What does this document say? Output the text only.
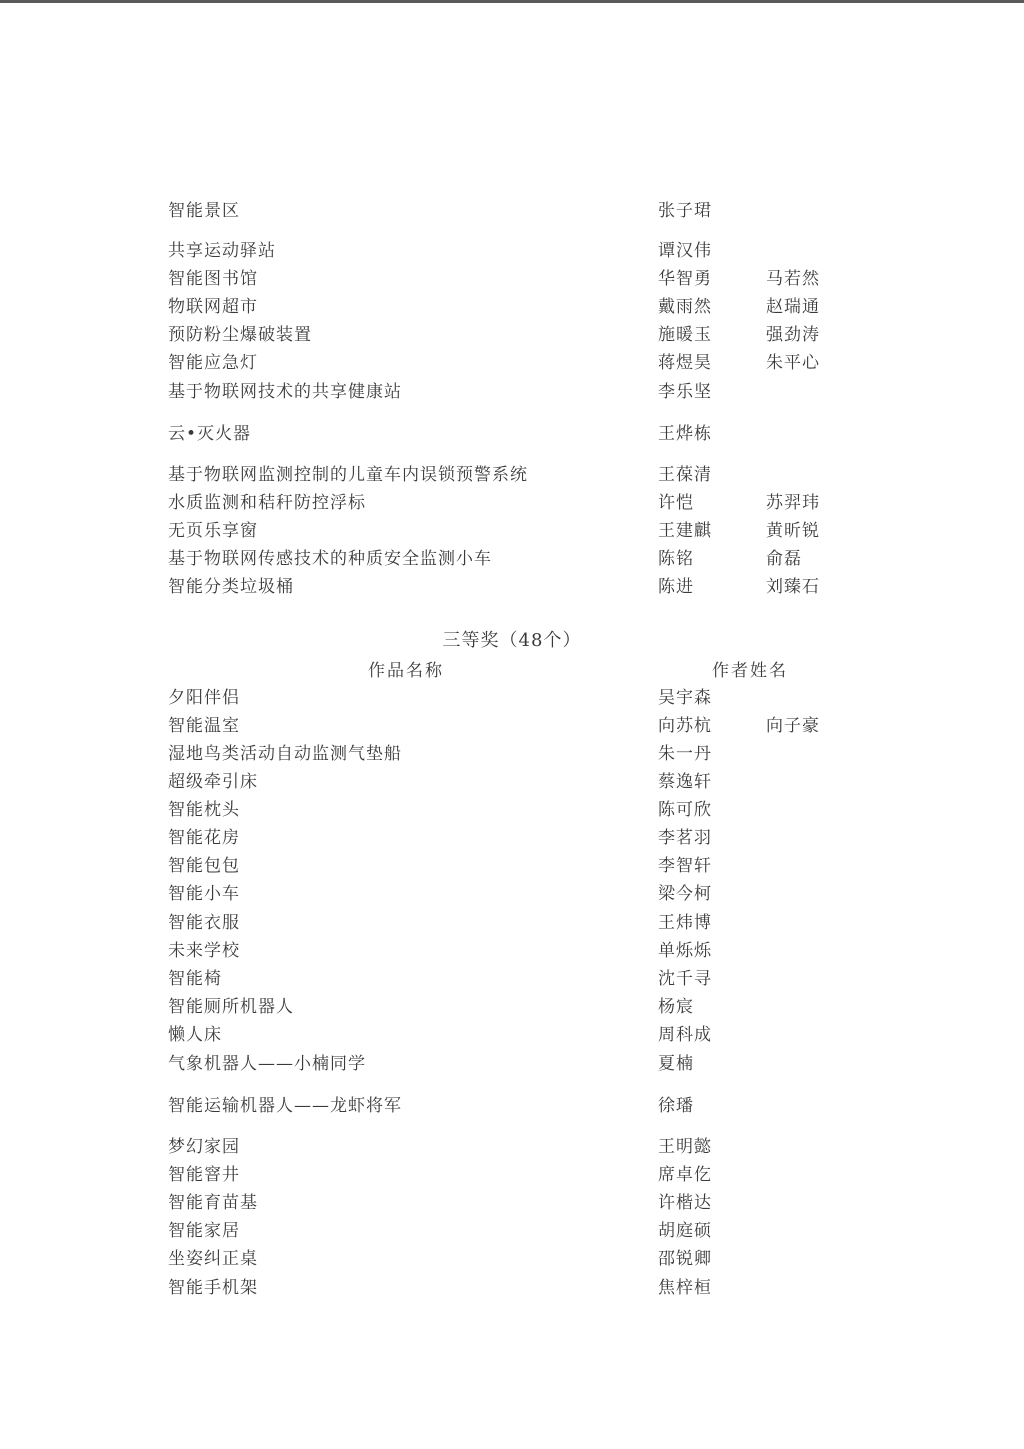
智能景区	张子珺
共享运动驿站	谭汉伟
智能图书馆	华智勇	马若然
物联网超市	戴雨然	赵瑞通
预防粉尘爆破装置	施暖玉	强劲涛
智能应急灯	蒋煜昊	朱平心
基于物联网技术的共享健康站	李乐坚
云•灭火器	王烨栋
基于物联网监测控制的儿童车内误锁预警系统	王葆清
水质监测和秸秆防控浮标	许恺	苏羿玮
无页乐享窗	王建麒	黄昕锐
基于物联网传感技术的种质安全监测小车	陈铭	俞磊
智能分类垃圾桶	陈进	刘臻石
三等奖（48个）
作品名称	作者姓名
夕阳伴侣	吴宇森
智能温室	向苏杭	向子豪
湿地鸟类活动自动监测气垫船	朱一丹
超级牵引床	蔡逸轩
智能枕头	陈可欣
智能花房	李茗羽
智能包包	李智轩
智能小车	梁今柯
智能衣服	王炜博
未来学校	单烁烁
智能椅	沈千寻
智能厕所机器人	杨宸
懒人床	周科成
气象机器人——小楠同学	夏楠
智能运输机器人——龙虾将军	徐璠
梦幻家园	王明懿
智能窨井	席卓仡
智能育苗基	许楷达
智能家居	胡庭硕
坐姿纠正桌	邵锐卿
智能手机架	焦梓桓
